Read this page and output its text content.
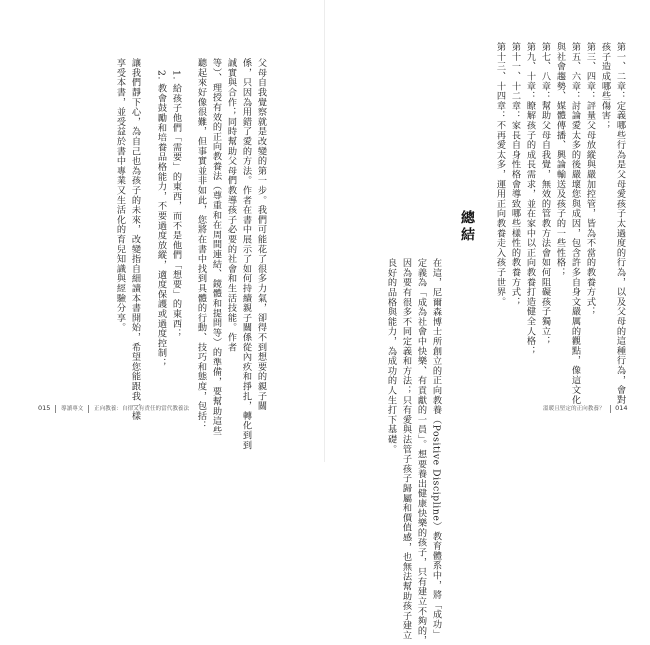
父母自我覺察就是改變的第一步。我們可能花了很多力氣，卻得不到想要的親子關
係，只因為用錯了愛的方法。作者在書中展示了如何持續親子關係從內疚和掙扎，轉化到到
誠實與合作；同時幫助父母們教導孩子必要的社會和生活技能。作者
等）、理授有效的正向教養法（尊重和在周間連結、鏡體和提問等）的準備，要幫助這些
聽起來好像很難，但事實並非如此，您將在書中找到具體的行動、技巧和態度，包括：
1. 給孩子他們「需要」的東西，而不是他們「想要」的東西；
2. 教會鼓勵和培養品格能力，不要過度放縱，適度保護或過度控制；
讓我們靜下心，為自己也為孩子的未來，改變指自細讀本書開始，希望您能跟我一樣
享受本書，並受益於書中專業又生活化的育兒知識與經驗分享。
015 導讀專文 正向教養：自律又有責任的當代教養法
第一、二章：定義哪些行為是父母愛孩子太過度的行為，以及父母的這種行為，會對
孩子造成哪些傷害；
第三、四章：評量父母放縱與嚴加控管，皆為不當的教養方式；
第五、六章：討論愛太多的後嚴壞您與成因，包含許多自身文嚴厲的觀點，像這文化
與社會趨勢、媒體傳播、興論輸送及孩子的一些性格；
第七、八章：幫助父母自我覺，無效的管教方法會如何阻礙孩子獨立；
第九、十章：瞭解孩子的成長需求，並在家中以正向教養打造健全人格；
第十一、十二章：家長自身性格會導致哪些樣性的教養方式；
第十三、十四章：不再愛太多，運用正向教養走入孩子世界。
總結
在這，尼爾森博士所創立的正向教養（Positive Discipline）教育體系中，將「成功」
定義為「成為社會中快樂、有貢獻的一員」。想要養出健康快樂的孩子，只有建立不夠的，
因為要有很多不同定義和方法；只有愛與法管子孩子歸屬和價值感，也無法幫助孩子建立
良好的品格與能力，為成功的人生打下基礎。	溫暖且堅定的正向教養？ 014
